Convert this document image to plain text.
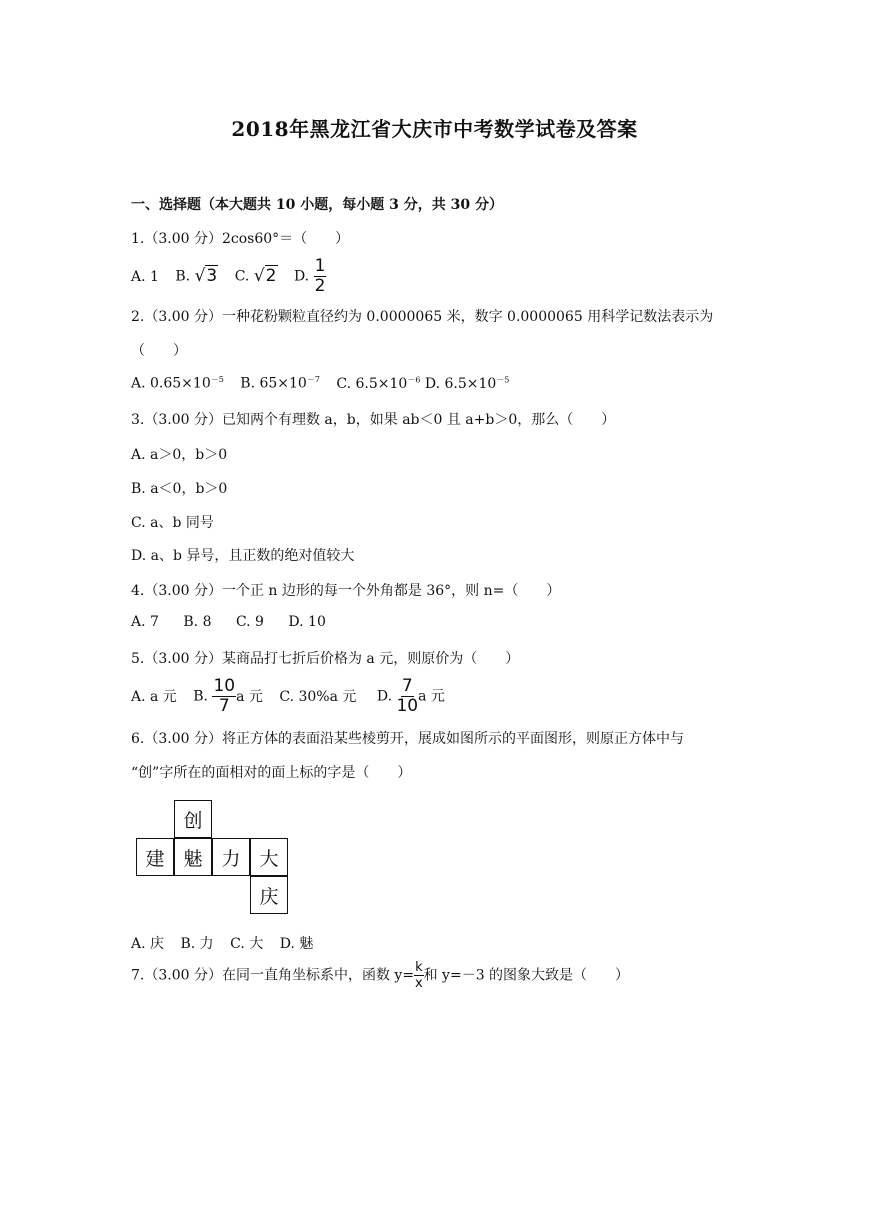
2018年黑龙江省大庆市中考数学试卷及答案
一、选择题（本大题共 10 小题，每小题 3 分，共 30 分）
1.（3.00 分）2cos60°＝（　　）
A. 1 B. √3 C. √2 D. $\frac{1}{2}$
2.（3.00 分）一种花粉颗粒直径约为 0.0000065 米，数字 0.0000065 用科学记数法表示为
（　　）
A. $0.65\times 10^{-5}$ B. $65\times 10^{-7}$ C. $6.5\times 10^{-6}$ D. $6.5\times 10^{-5}$
3.（3.00 分）已知两个有理数 a，b，如果 ab＜0 且 a+b＞0，那么（　　）
A. a＞0，b＞0
B. a＜0，b＞0
C. a、b 同号
D. a、b 异号，且正数的绝对值较大
4.（3.00 分）一个正 n 边形的每一个外角都是 36°，则 n=（　　）
A. 7 B. 8 C. 9 D. 10
5.（3.00 分）某商品打七折后价格为 a 元，则原价为（　　）
A. a 元 B. $\frac{10}{7}$ a 元 C. 30%a 元 D. $\frac{7}{10}$ a 元
6.（3.00 分）将正方体的表面沿某些棱剪开，展成如图所示的平面图形，则原正方体中与
“创”字所在的面相对的面上标的字是（　　）
创
建 魅 力 大
庆
A. 庆 B. 力 C. 大 D. 魅
7.（3.00 分）在同一直角坐标系中，函数 $y= \frac{k}{x}$ 和 y=－3 的图象大致是（　　）
